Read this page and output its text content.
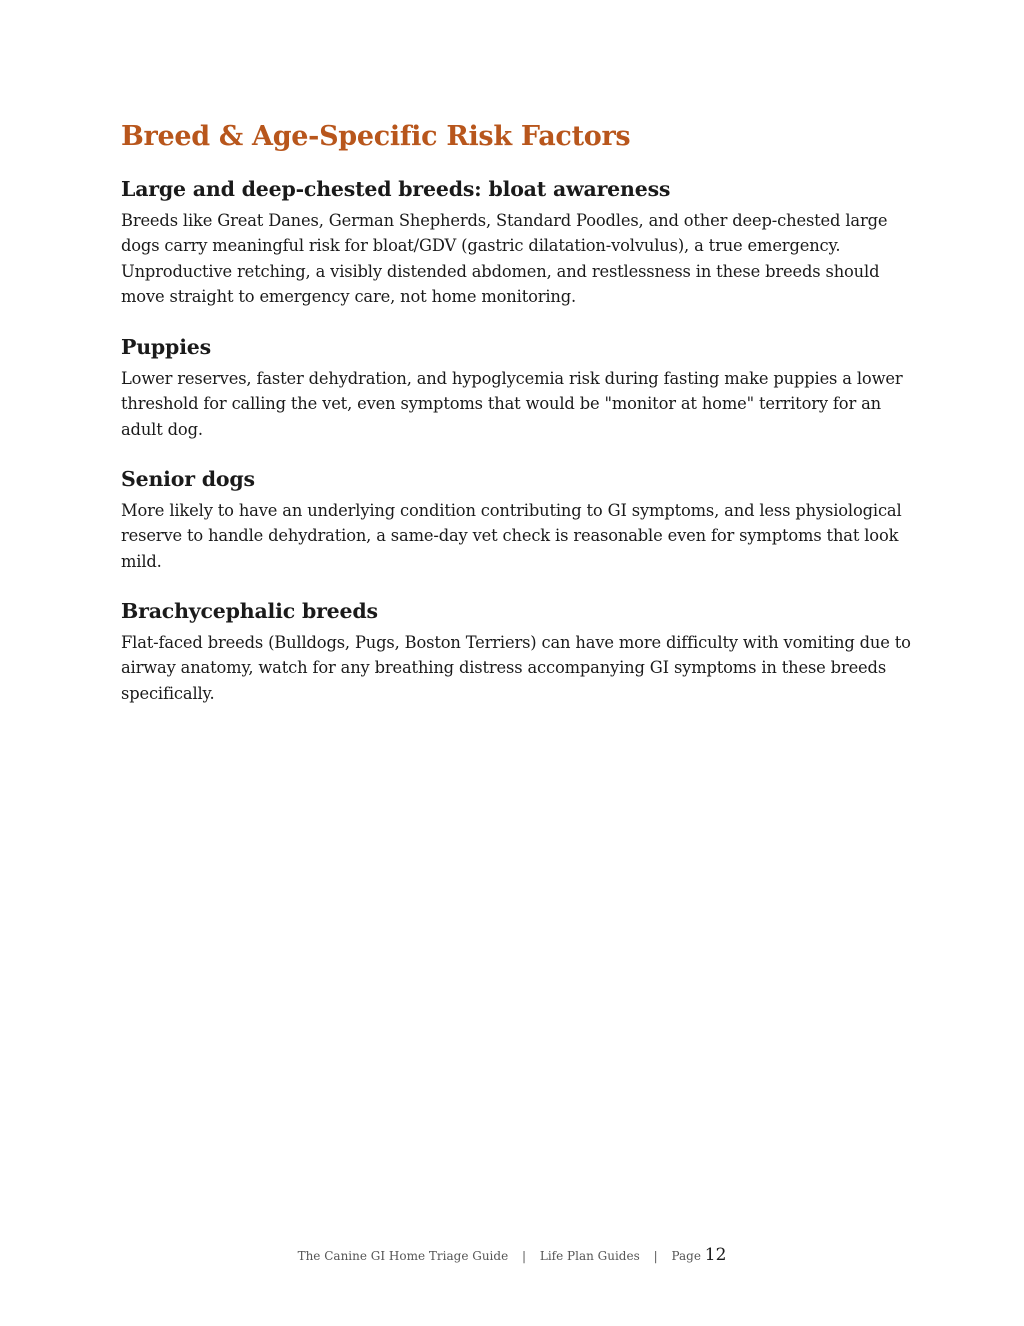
Breed & Age-Specific Risk Factors
Large and deep-chested breeds: bloat awareness

Breeds like Great Danes, German Shepherds, Standard Poodles, and other deep-chested large dogs carry meaningful risk for bloat/GDV (gastric dilatation-volvulus), a true emergency. Unproductive retching, a visibly distended abdomen, and restlessness in these breeds should move straight to emergency care, not home monitoring.

Puppies

Lower reserves, faster dehydration, and hypoglycemia risk during fasting make puppies a lower threshold for calling the vet, even symptoms that would be "monitor at home" territory for an adult dog.

Senior dogs

More likely to have an underlying condition contributing to GI symptoms, and less physiological reserve to handle dehydration, a same-day vet check is reasonable even for symptoms that look mild.

Brachycephalic breeds

Flat-faced breeds (Bulldogs, Pugs, Boston Terriers) can have more difficulty with vomiting due to airway anatomy, watch for any breathing distress accompanying GI symptoms in these breeds specifically.

The Canine GI Home Triage Guide | Life Plan Guides | Page 12
